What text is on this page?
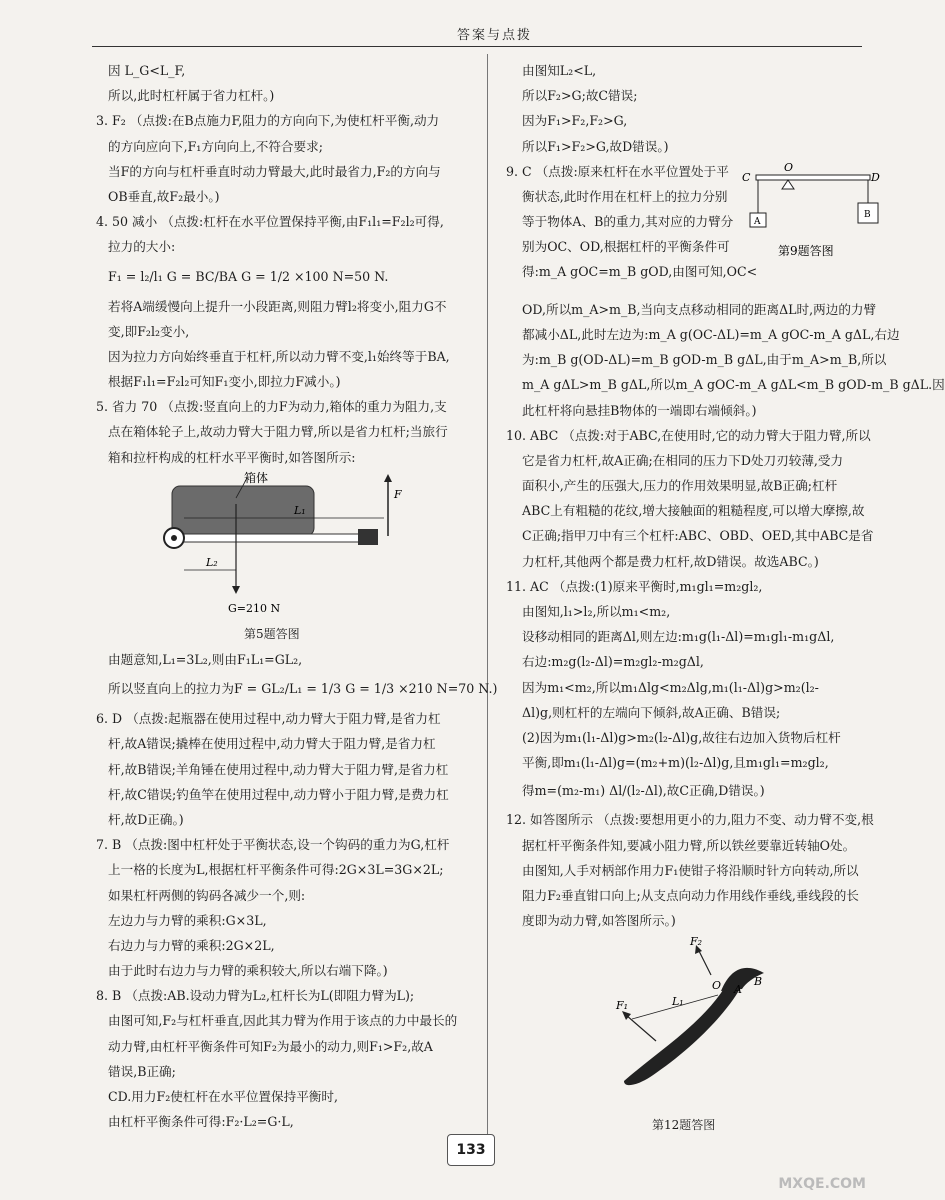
答案与点拨
因 L_G<L_F,
所以,此时杠杆属于省力杠杆。)
3. F₂ （点拨:在B点施力F,阻力的方向向下,为使杠杆平衡,动力
的方向应向下,F₁方向向上,不符合要求;
当F的方向与杠杆垂直时动力臂最大,此时最省力,F₂的方向与
OB垂直,故F₂最小。)
4. 50 减小 （点拨:杠杆在水平位置保持平衡,由F₁l₁=F₂l₂可得,
拉力的大小:
F₁ = l₂/l₁ G = BC/BA G = 1/2 ×100 N=50 N.
若将A端缓慢向上提升一小段距离,则阻力臂l₂将变小,阻力G不
变,即F₂l₂变小,
因为拉力方向始终垂直于杠杆,所以动力臂不变,l₁始终等于BA,
根据F₁l₁=F₂l₂可知F₁变小,即拉力F减小。)
5. 省力 70 （点拨:竖直向上的力F为动力,箱体的重力为阻力,支
点在箱体轮子上,故动力臂大于阻力臂,所以是省力杠杆;当旅行
箱和拉杆构成的杠杆水平平衡时,如答图所示:
箱体
F
L₁
L₂
G=210 N
第5题答图
由题意知,L₁=3L₂,则由F₁L₁=GL₂,
所以竖直向上的拉力为F = GL₂/L₁ = 1/3 G = 1/3 ×210 N=70 N.)
6. D （点拨:起瓶器在使用过程中,动力臂大于阻力臂,是省力杠
杆,故A错误;撬棒在使用过程中,动力臂大于阻力臂,是省力杠
杆,故B错误;羊角锤在使用过程中,动力臂大于阻力臂,是省力杠
杆,故C错误;钓鱼竿在使用过程中,动力臂小于阻力臂,是费力杠
杆,故D正确。)
7. B （点拨:图中杠杆处于平衡状态,设一个钩码的重力为G,杠杆
上一格的长度为L,根据杠杆平衡条件可得:2G×3L=3G×2L;
如果杠杆两侧的钩码各减少一个,则:
左边力与力臂的乘积:G×3L,
右边力与力臂的乘积:2G×2L,
由于此时右边力与力臂的乘积较大,所以右端下降。)
8. B （点拨:AB.设动力臂为L₂,杠杆长为L(即阻力臂为L);
由图可知,F₂与杠杆垂直,因此其力臂为作用于该点的力中最长的
动力臂,由杠杆平衡条件可知F₂为最小的动力,则F₁>F₂,故A
错误,B正确;
CD.用力F₂使杠杆在水平位置保持平衡时,
由杠杆平衡条件可得:F₂·L₂=G·L,
由图知L₂<L,
所以F₂>G;故C错误;
因为F₁>F₂,F₂>G,
所以F₁>F₂>G,故D错误。)
9. C （点拨:原来杠杆在水平位置处于平
衡状态,此时作用在杠杆上的拉力分别
等于物体A、B的重力,其对应的力臂分
别为OC、OD,根据杠杆的平衡条件可
得:m_A gOC=m_B gOD,由图可知,OC<
C
O
D
A
B
第9题答图
OD,所以m_A>m_B,当向支点移动相同的距离ΔL时,两边的力臂
都减小ΔL,此时左边为:m_A g(OC-ΔL)=m_A gOC-m_A gΔL,右边
为:m_B g(OD-ΔL)=m_B gOD-m_B gΔL,由于m_A>m_B,所以
m_A gΔL>m_B gΔL,所以m_A gOC-m_A gΔL<m_B gOD-m_B gΔL.因
此杠杆将向悬挂B物体的一端即右端倾斜。)
10. ABC （点拨:对于ABC,在使用时,它的动力臂大于阻力臂,所以
它是省力杠杆,故A正确;在相同的压力下D处刀刃较薄,受力
面积小,产生的压强大,压力的作用效果明显,故B正确;杠杆
ABC上有粗糙的花纹,增大接触面的粗糙程度,可以增大摩擦,故
C正确;指甲刀中有三个杠杆:ABC、OBD、OED,其中ABC是省
力杠杆,其他两个都是费力杠杆,故D错误。故选ABC。)
11. AC （点拨:(1)原来平衡时,m₁gl₁=m₂gl₂,
由图知,l₁>l₂,所以m₁<m₂,
设移动相同的距离Δl,则左边:m₁g(l₁-Δl)=m₁gl₁-m₁gΔl,
右边:m₂g(l₂-Δl)=m₂gl₂-m₂gΔl,
因为m₁<m₂,所以m₁Δlg<m₂Δlg,m₁(l₁-Δl)g>m₂(l₂-
Δl)g,则杠杆的左端向下倾斜,故A正确、B错误;
(2)因为m₁(l₁-Δl)g>m₂(l₂-Δl)g,故往右边加入货物后杠杆
平衡,即m₁(l₁-Δl)g=(m₂+m)(l₂-Δl)g,且m₁gl₁=m₂gl₂,
得m=(m₂-m₁) Δl/(l₂-Δl),故C正确,D错误。)
12. 如答图所示 （点拨:要想用更小的力,阻力不变、动力臂不变,根
据杠杆平衡条件知,要减小阻力臂,所以铁丝要靠近转轴O处。
由图知,人手对柄部作用力F₁使钳子将沿顺时针方向转动,所以
阻力F₂垂直钳口向上;从支点向动力作用线作垂线,垂线段的长
度即为动力臂,如答图所示。)
F₂
F₁	L₁
O A
B
第12题答图
133
MXQE.COM
